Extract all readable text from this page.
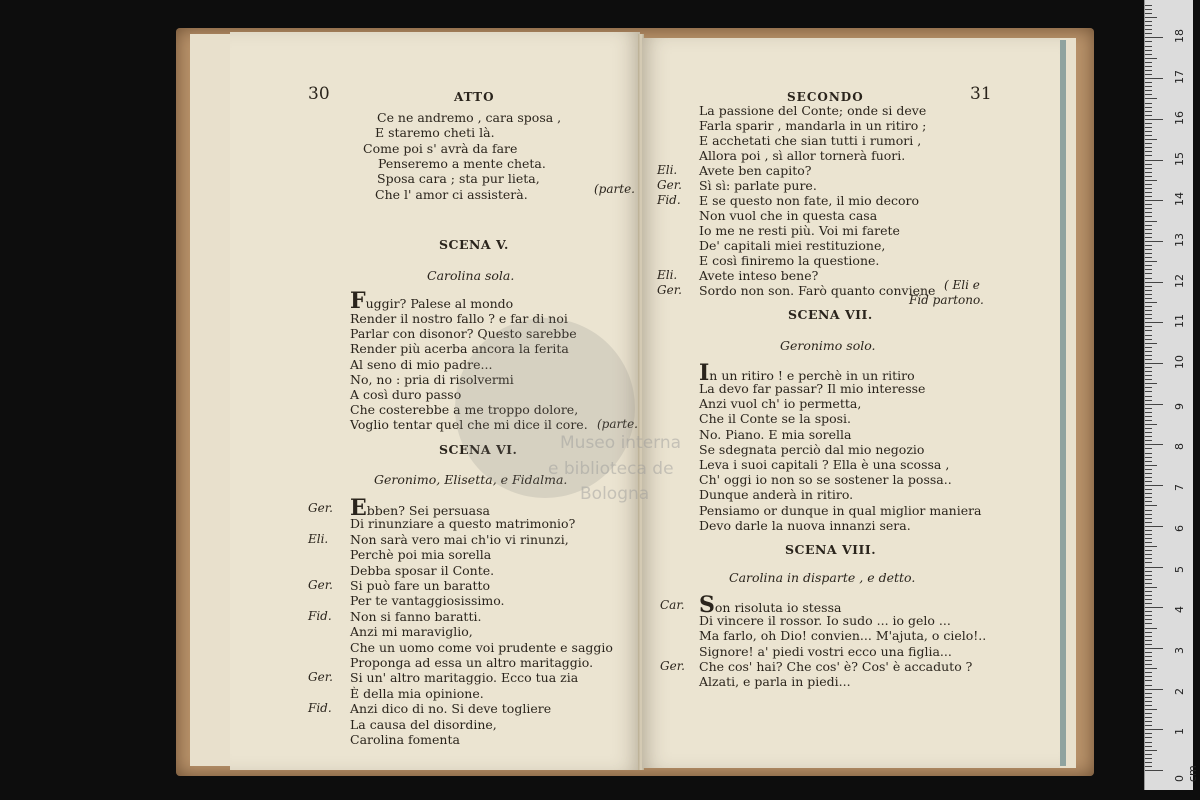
30	ATTO
Ce ne andremo , cara sposa ,
E staremo cheti là.
Come poi s' avrà da fare
Penseremo a mente cheta.
Sposa cara ; sta pur lieta,
Che l' amor ci assisterà.	(parte.
SCENA V.
Carolina sola.
Fuggir? Palese al mondo
Render il nostro fallo ? e far di noi
Parlar con disonor? Questo sarebbe
Render più acerba ancora la ferita
Al seno di mio padre...
No, no : pria di risolvermi
A così duro passo
Che costerebbe a me troppo dolore,
Voglio tentar quel che mi dice il core. (parte.
SCENA VI.
Geronimo, Elisetta, e Fidalma.
Ger. Ebben? Sei persuasa
Di rinunziare a questo matrimonio?
Eli. Non sarà vero mai ch'io vi rinunzi,
Perchè poi mia sorella
Debba sposar il Conte.
Ger. Si può fare un baratto
Per te vantaggiosissimo.
Fid. Non si fanno baratti.
Anzi mi maraviglio,
Che un uomo come voi prudente e saggio
Proponga ad essa un altro maritaggio.
Ger. Si un' altro maritaggio. Ecco tua zia
È della mia opinione.
Fid. Anzi dico di no. Si deve togliere
La causa del disordine,
Carolina fomenta
SECONDO	31
La passione del Conte; onde si deve
Farla sparir , mandarla in un ritiro ;
E acchetati che sian tutti i rumori ,
Allora poi , sì allor tornerà fuori.
Eli. Avete ben capito?
Ger. Sì sì: parlate pure.
Fid. E se questo non fate, il mio decoro
Non vuol che in questa casa
Io me ne resti più. Voi mi farete
De' capitali miei restituzione,
E così finiremo la questione.
Eli. Avete inteso bene?
Ger. Sordo non son. Farò quanto conviene ( Eli e
Fid partono.
SCENA VII.
Geronimo solo.
In un ritiro ! e perchè in un ritiro
La devo far passar? Il mio interesse
Anzi vuol ch' io permetta,
Che il Conte se la sposi.
No. Piano. E mia sorella
Se sdegnata perciò dal mio negozio
Leva i suoi capitali ? Ella è una scossa ,
Ch' oggi io non so se sostener la possa..
Dunque anderà in ritiro.
Pensiamo or dunque in qual miglior maniera
Devo darle la nuova innanzi sera.
SCENA VIII.
Carolina in disparte , e detto.
Car. Son risoluta io stessa
Di vincere il rossor. Io sudo ... io gelo ...
Ma farlo, oh Dio! convien... M'ajuta, o cielo!..
Signore! a' piedi vostri ecco una figlia...
Ger. Che cos' hai? Che cos' è? Cos' è accaduto ?
Alzati, e parla in piedi...
Museo interna
e biblioteca de
Bologna
0 cm
1
2
3
4
5
6
7
8
9
10
11
12
13
14
15
16
17
18
